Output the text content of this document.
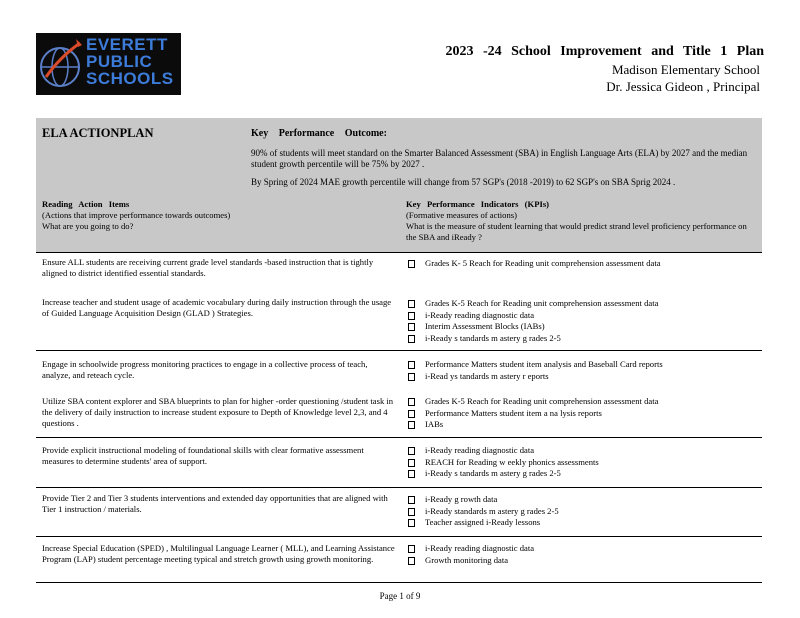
EVERETT
PUBLIC
SCHOOLS
2023 -24 School Improvement and Title 1 Plan
Madison Elementary School
Dr. Jessica Gideon , Principal
ELA ACTIONPLAN	Key Performance Outcome:
90% of students will meet standard on the Smarter Balanced Assessment (SBA) in English Language Arts (ELA) by 2027 and the median student growth percentile will be 75% by 2027 .
By Spring of 2024 MAE growth percentile will change from 57 SGP's (2018 -2019) to 62 SGP's on SBA Sprig 2024 .
Reading Action Items
(Actions that improve performance towards outcomes)
What are you going to do?
Key Performance Indicators (KPIs)
(Formative measures of actions)
What is the measure of student learning that would predict strand level proficiency performance on the SBA and iReady ?
Ensure ALL students are receiving current grade level standards -based instruction that is tightly aligned to district identified essential standards.
Grades K- 5 Reach for Reading unit comprehension assessment data
Increase teacher and student usage of academic vocabulary during daily instruction through the usage of Guided Language Acquisition Design (GLAD ) Strategies.
Grades K-5 Reach for Reading unit comprehension assessment data
i-Ready reading diagnostic data
Interim Assessment Blocks (IABs)
i-Ready s tandards m astery g rades 2-5
Engage in schoolwide progress monitoring practices to engage in a collective process of teach, analyze, and reteach cycle.
Performance Matters student item analysis and Baseball Card reports
i-Read ys tandards m astery r eports
Utilize SBA content explorer and SBA blueprints to plan for higher -order questioning /student task in the delivery of daily instruction to increase student exposure to Depth of Knowledge level 2,3, and 4 questions .
Grades K-5 Reach for Reading unit comprehension assessment data
Performance Matters student item a na lysis reports
IABs
Provide explicit instructional modeling of foundational skills with clear formative assessment measures to determine students' area of support.
i-Ready reading diagnostic data
REACH for Reading w eekly phonics assessments
i-Ready s tandards m astery g rades 2-5
Provide Tier 2 and Tier 3 students interventions and extended day opportunities that are aligned with Tier 1 instruction / materials.
i-Ready g rowth data
i-Ready standards m astery g rades 2-5
Teacher assigned i-Ready lessons
Increase Special Education (SPED) , Multilingual Language Learner ( MLL), and Learning Assistance Program (LAP) student percentage meeting typical and stretch growth using growth monitoring.
i-Ready reading diagnostic data
Growth monitoring data
Page 1 of 9
